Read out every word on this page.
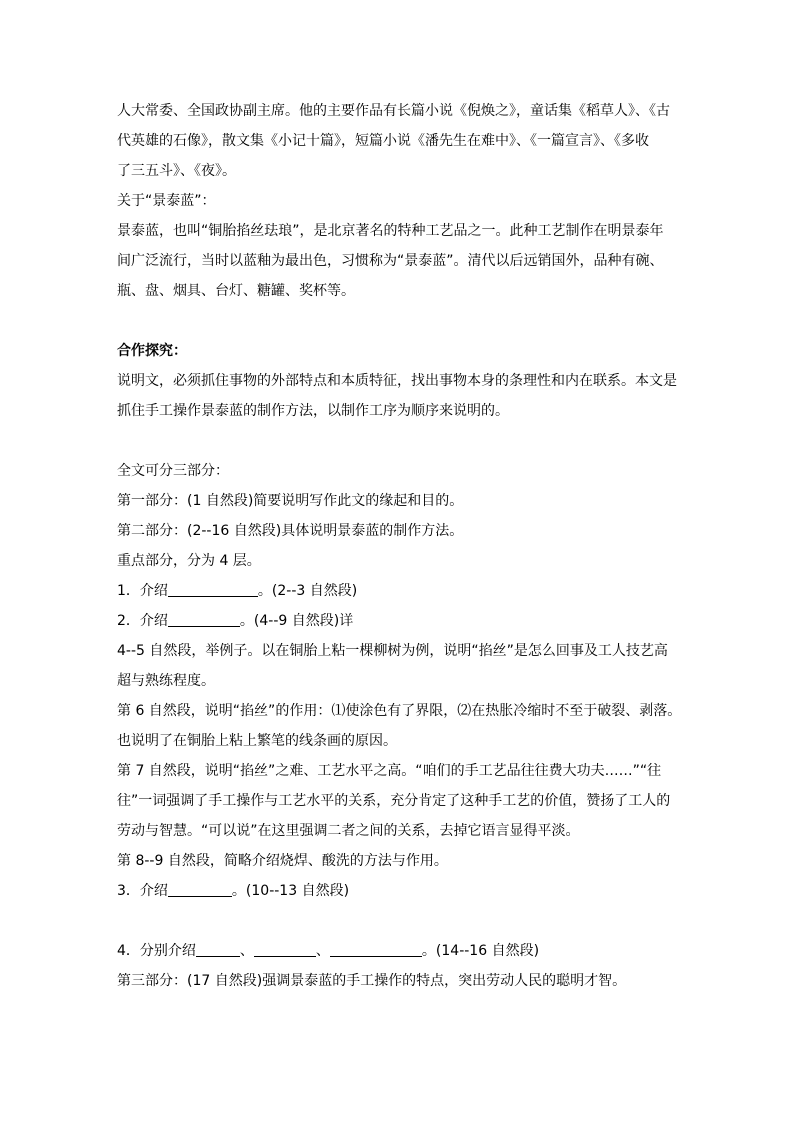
人大常委、全国政协副主席。他的主要作品有长篇小说《倪焕之》，童话集《稻草人》、《古
代英雄的石像》，散文集《小记十篇》，短篇小说《潘先生在难中》、《一篇宣言》、《多收
了三五斗》、《夜》。
关于“景泰蓝”：
景泰蓝，也叫“铜胎掐丝珐琅”，是北京著名的特种工艺品之一。此种工艺制作在明景泰年
间广泛流行，当时以蓝釉为最出色，习惯称为“景泰蓝”。清代以后远销国外，品种有碗、
瓶、盘、烟具、台灯、糖罐、奖杯等。
合作探究：
说明文，必须抓住事物的外部特点和本质特征，找出事物本身的条理性和内在联系。本文是
抓住手工操作景泰蓝的制作方法，以制作工序为顺序来说明的。
全文可分三部分：
第一部分：(1 自然段)简要说明写作此文的缘起和目的。
第二部分：(2--16 自然段)具体说明景泰蓝的制作方法。
重点部分，分为 4 层。
1．介绍	。(2--3 自然段)
2．介绍	。(4--9 自然段)详
4--5 自然段，举例子。以在铜胎上粘一棵柳树为例，说明“掐丝”是怎么回事及工人技艺高
超与熟练程度。
第 6 自然段，说明“掐丝”的作用：⑴使涂色有了界限，⑵在热胀冷缩时不至于破裂、剥落。
也说明了在铜胎上粘上繁笔的线条画的原因。
第 7 自然段，说明“掐丝”之难、工艺水平之高。“咱们的手工艺品往往费大功夫……”“往
往”一词强调了手工操作与工艺水平的关系，充分肯定了这种手工艺的价值，赞扬了工人的
劳动与智慧。“可以说”在这里强调二者之间的关系，去掉它语言显得平淡。
第 8--9 自然段，简略介绍烧焊、酸洗的方法与作用。
3．介绍	。(10--13 自然段)
4．分别介绍	、	、	。(14--16 自然段)
第三部分：(17 自然段)强调景泰蓝的手工操作的特点，突出劳动人民的聪明才智。
